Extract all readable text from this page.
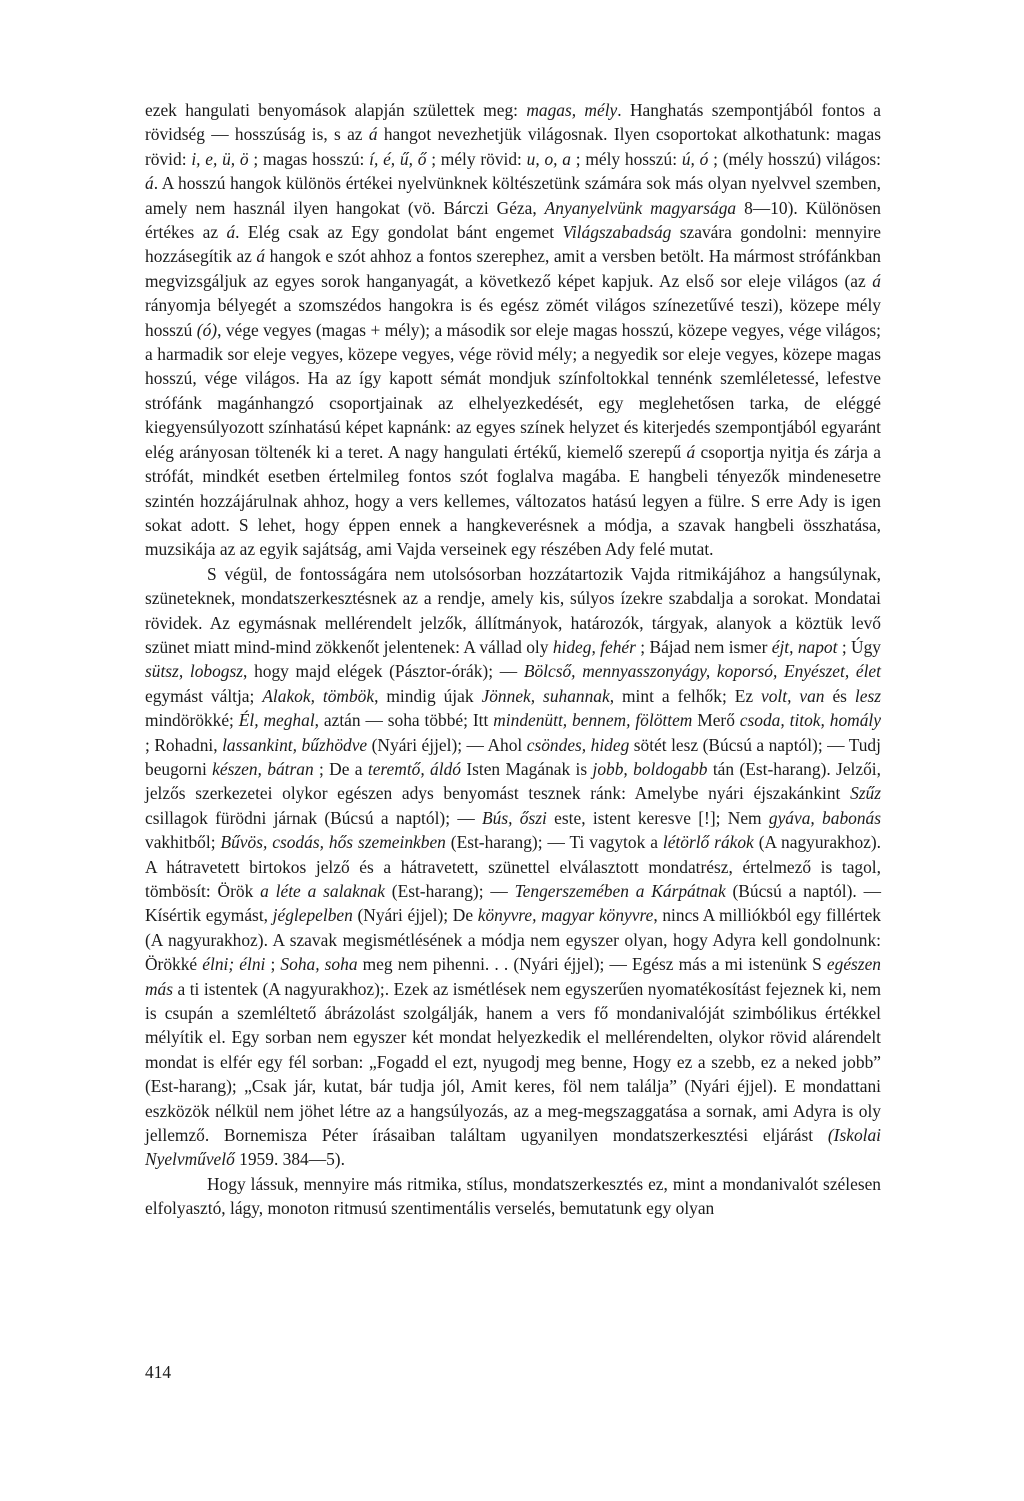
ezek hangulati benyomások alapján születtek meg: magas, mély. Hanghatás szempontjából fontos a rövidség — hosszúság is, s az á hangot nevezhetjük világosnak. Ilyen csoportokat alkothatunk: magas rövid: i, e, ü, ö ; magas hosszú: í, é, ű, ő ; mély rövid: u, o, a ; mély hosszú: ú, ó ; (mély hosszú) világos: á. A hosszú hangok különös értékei nyelvünknek költészetünk számára sok más olyan nyelvvel szemben, amely nem használ ilyen hangokat (vö. Bárczi Géza, Anyanyelvünk magyarsága 8—10). Különösen értékes az á. Elég csak az Egy gondolat bánt engemet Világszabadság szavára gondolni: mennyire hozzásegítik az á hangok e szót ahhoz a fontos szerephez, amit a versben betölt. Ha mármost strófánkban megvizsgáljuk az egyes sorok hanganyagát, a következő képet kapjuk. Az első sor eleje világos (az á rányomja bélyegét a szomszédos hangokra is és egész zömét világos színezetűvé teszi), közepe mély hosszú (ó), vége vegyes (magas + mély); a második sor eleje magas hosszú, közepe vegyes, vége világos; a harmadik sor eleje vegyes, közepe vegyes, vége rövid mély; a negyedik sor eleje vegyes, közepe magas hosszú, vége világos. Ha az így kapott sémát mondjuk színfoltokkal tennénk szemléletessé, lefestve strófánk magánhangzó csoportjainak az elhelyezkedését, egy meglehetősen tarka, de eléggé kiegyensúlyozott színhatású képet kapnánk: az egyes színek helyzet és kiterjedés szempontjából egyaránt elég arányosan töltenék ki a teret. A nagy hangulati értékű, kiemelő szerepű á csoportja nyitja és zárja a strófát, mindkét esetben értelmileg fontos szót foglalva magába. E hangbeli tényezők mindenesetre szintén hozzájárulnak ahhoz, hogy a vers kellemes, változatos hatású legyen a fülre. S erre Ady is igen sokat adott. S lehet, hogy éppen ennek a hangkeverésnek a módja, a szavak hangbeli összhatása, muzsikája az az egyik sajátság, ami Vajda verseinek egy részében Ady felé mutat.

S végül, de fontosságára nem utolsósorban hozzátartozik Vajda ritmikájához a hangsúlynak, szüneteknek, mondatszerkesztésnek az a rendje, amely kis, súlyos ízekre szabdalja a sorokat. Mondatai rövidek. Az egymásnak mellérendelt jelzők, állítmányok, határozók, tárgyak, alanyok a köztük levő szünet miatt mind-mind zökkenőt jelentenek: A vállad oly hideg, fehér ; Bájad nem ismer éjt, napot ; Úgy sütsz, lobogsz, hogy majd elégek (Pásztor-órák); — Bölcső, mennyasszonyágy, koporsó, Enyészet, élet egymást váltja; Alakok, tömbök, mindig újak Jönnek, suhannak, mint a felhők; Ez volt, van és lesz mindörökké; Él, meghal, aztán — soha többé; Itt mindenütt, bennem, fölöttem Merő csoda, titok, homály ; Rohadni, lassankint, bűzhödve (Nyári éjjel); — Ahol csöndes, hideg sötét lesz (Búcsú a naptól); — Tudj beugorni készen, bátran ; De a teremtő, áldó Isten Magának is jobb, boldogabb tán (Est-harang). Jelzői, jelzős szerkezetei olykor egészen adys benyomást tesznek ránk: Amelybe nyári éjszakánkint Szűz csillagok fürödni járnak (Búcsú a naptól); — Bús, őszi este, istent keresve [!]; Nem gyáva, babonás vakhitből; Bűvös, csodás, hős szemeinkben (Est-harang); — Ti vagytok a létörlő rákok (A nagyurakhoz). A hátravetett birtokos jelző és a hátravetett, szünettel elválasztott mondatrész, értelmező is tagol, tömbösít: Örök a léte a salaknak (Est-harang); — Tengerszemében a Kárpátnak (Búcsú a naptól). — Kísértik egymást, jéglepelben (Nyári éjjel); De könyvre, magyar könyvre, nincs A milliókból egy fillértek (A nagyurakhoz). A szavak megismétlésének a módja nem egyszer olyan, hogy Adyra kell gondolnunk: Örökké élni; élni ; Soha, soha meg nem pihenni. . . (Nyári éjjel); — Egész más a mi istenünk S egészen más a ti istentek (A nagyurakhoz);. Ezek az ismétlések nem egyszerűen nyomatékosítást fejeznek ki, nem is csupán a szemléltető ábrázolást szolgálják, hanem a vers fő mondanivalóját szimbólikus értékkel mélyítik el. Egy sorban nem egyszer két mondat helyezkedik el mellérendelten, olykor rövid alárendelt mondat is elfér egy fél sorban: „Fogadd el ezt, nyugodj meg benne, Hogy ez a szebb, ez a neked jobb” (Est-harang); „Csak jár, kutat, bár tudja jól, Amit keres, föl nem találja” (Nyári éjjel). E mondattani eszközök nélkül nem jöhet létre az a hangsúlyozás, az a meg-megszaggatása a sornak, ami Adyra is oly jellemző. Bornemisza Péter írásaiban találtam ugyanilyen mondatszerkesztési eljárást (Iskolai Nyelvművelő 1959. 384—5).

Hogy lássuk, mennyire más ritmika, stílus, mondatszerkesztés ez, mint a mondanivalót szélesen elfolyasztó, lágy, monoton ritmusú szentimentális verselés, bemutatunk egy olyan

414
